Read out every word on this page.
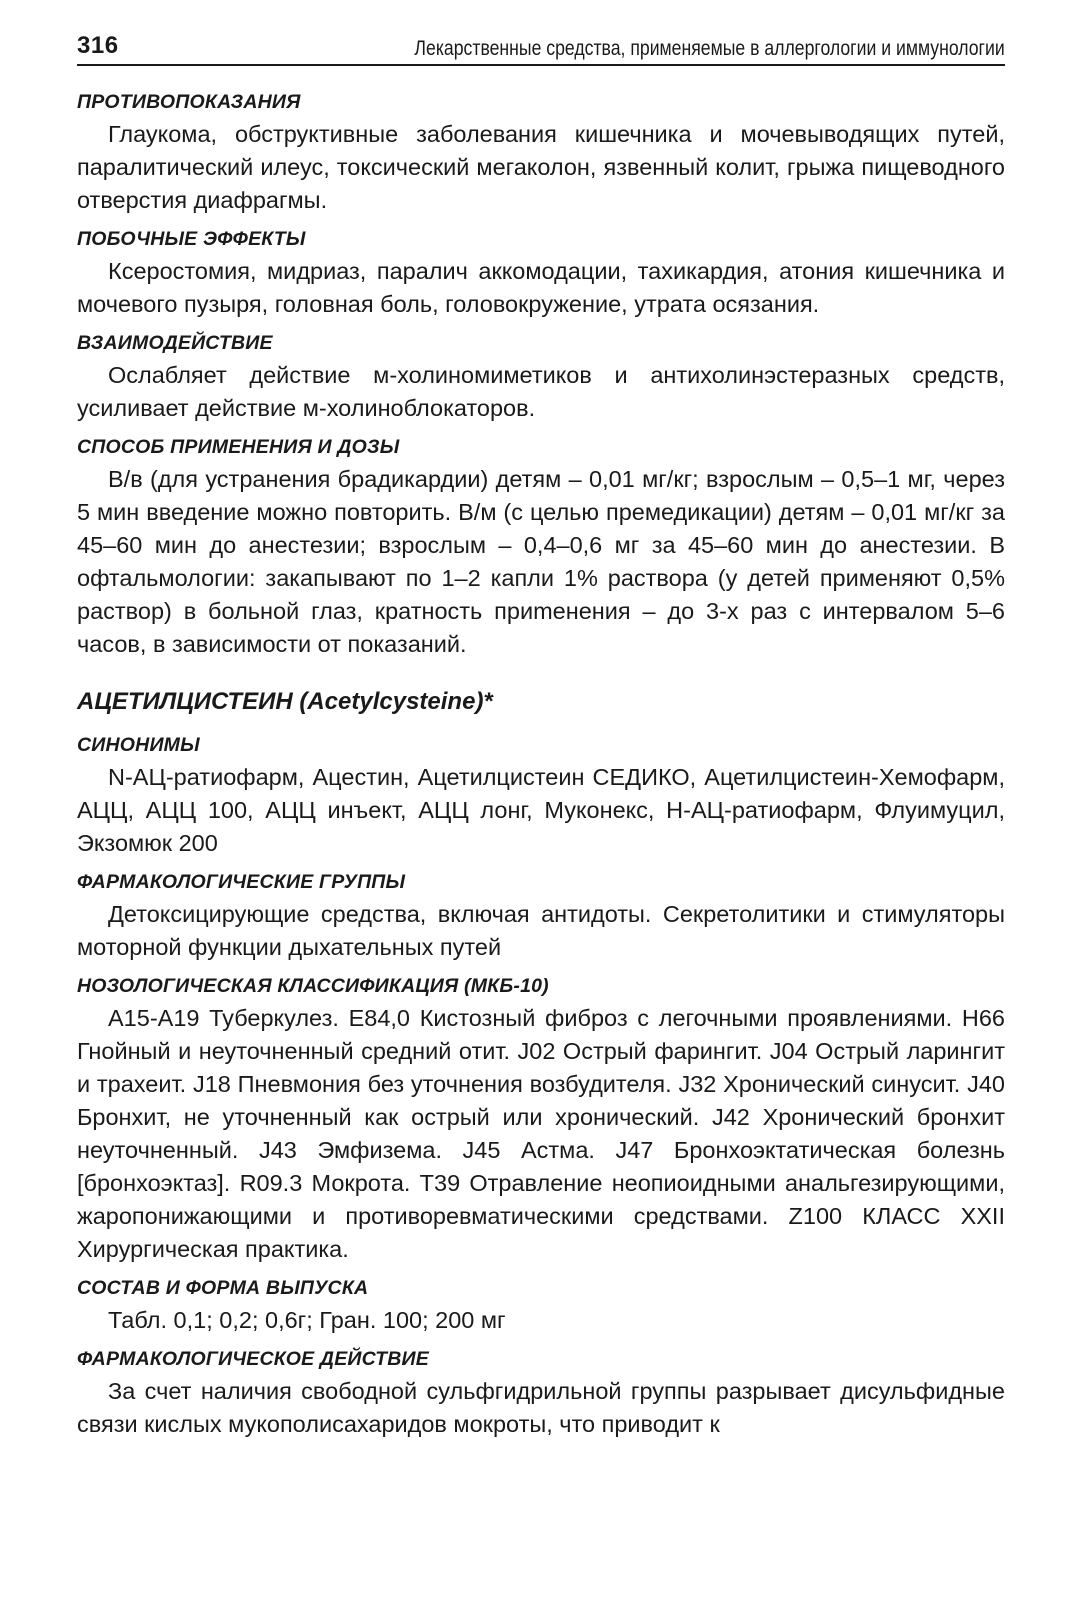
316	Лекарственные средства, применяемые в аллергологии и иммунологии
ПРОТИВОПОКАЗАНИЯ

Глаукома, обструктивные заболевания кишечника и мочевыводящих путей, паралитический илеус, токсический мегаколон, язвенный колит, грыжа пищеводного отверстия диафрагмы.

ПОБОЧНЫЕ ЭФФЕКТЫ

Ксеростомия, мидриаз, паралич аккомодации, тахикардия, атония кишечника и мочевого пузыря, головная боль, головокружение, утрата осязания.

ВЗАИМОДЕЙСТВИЕ

Ослабляет действие м-холиномиметиков и антихолинэстеразных средств, усиливает действие м-холиноблокаторов.

СПОСОБ ПРИМЕНЕНИЯ И ДОЗЫ

В/в (для устранения брадикардии) детям – 0,01 мг/кг; взрослым – 0,5–1 мг, через 5 мин введение можно повторить. В/м (с целью премедикации) детям – 0,01 мг/кг за 45–60 мин до анестезии; взрослым – 0,4–0,6 мг за 45–60 мин до анестезии. В офтальмологии: закапывают по 1–2 капли 1% раствора (у детей применяют 0,5% раствор) в больной глаз, кратность приmенения – до 3-х раз с интервалом 5–6 часов, в зависимости от показаний.

АЦЕТИЛЦИСТЕИН (Acetylcysteine)*
СИНОНИМЫ

N-АЦ-ратиофарм, Ацестин, Ацетилцистеин СЕДИКО, Ацетилцистеин-Хемофарм, АЦЦ, АЦЦ 100, АЦЦ инъект, АЦЦ лонг, Муконекс, Н-АЦ-ратиофарм, Флуимуцил, Экзомюк 200

ФАРМАКОЛОГИЧЕСКИЕ ГРУППЫ

Детоксицирующие средства, включая антидоты. Секретолитики и стимуляторы моторной функции дыхательных путей

НОЗОЛОГИЧЕСКАЯ КЛАССИФИКАЦИЯ (МКБ-10)

A15-A19 Туберкулез. E84,0 Кистозный фиброз с легочными проявлениями. H66 Гнойный и неуточненный средний отит. J02 Острый фарингит. J04 Острый ларингит и трахеит. J18 Пневмония без уточнения возбудителя. J32 Хронический синусит. J40 Бронхит, не уточненный как острый или хронический. J42 Хронический бронхит неуточненный. J43 Эмфизема. J45 Астма. J47 Бронхоэктатическая болезнь [бронхоэктаз]. R09.3 Мокрота. T39 Отравление неопиоидными анальгезирующими, жаропонижающими и противоревматическими средствами. Z100 КЛАСС XXII Хирургическая практика.

СОСТАВ И ФОРМА ВЫПУСКА

Табл. 0,1; 0,2; 0,6г; Гран. 100; 200 мг

ФАРМАКОЛОГИЧЕСКОЕ ДЕЙСТВИЕ

За счет наличия свободной сульфгидрильной группы разрывает дисульфидные связи кислых мукополисахаридов мокроты, что приводит к
